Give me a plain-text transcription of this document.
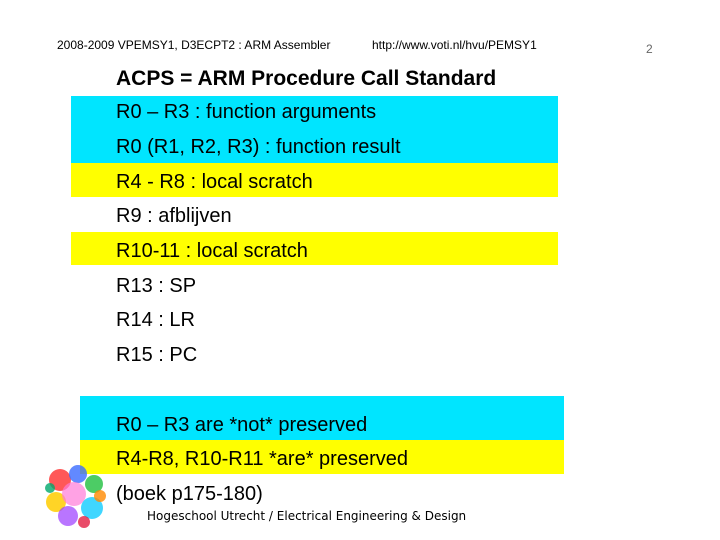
2008-2009 VPEMSY1, D3ECPT2 : ARM Assembler	http://www.voti.nl/hvu/PEMSY1	2
ACPS = ARM Procedure Call Standard
R0 – R3 : function arguments
R0 (R1, R2, R3) : function result
R4 - R8 : local scratch
R9 : afblijven
R10-11 : local scratch
R13 : SP
R14 : LR
R15 : PC
R0 – R3 are *not* preserved
R4-R8, R10-R11 *are* preserved
(boek p175-180)
Hogeschool Utrecht / Electrical Engineering & Design
